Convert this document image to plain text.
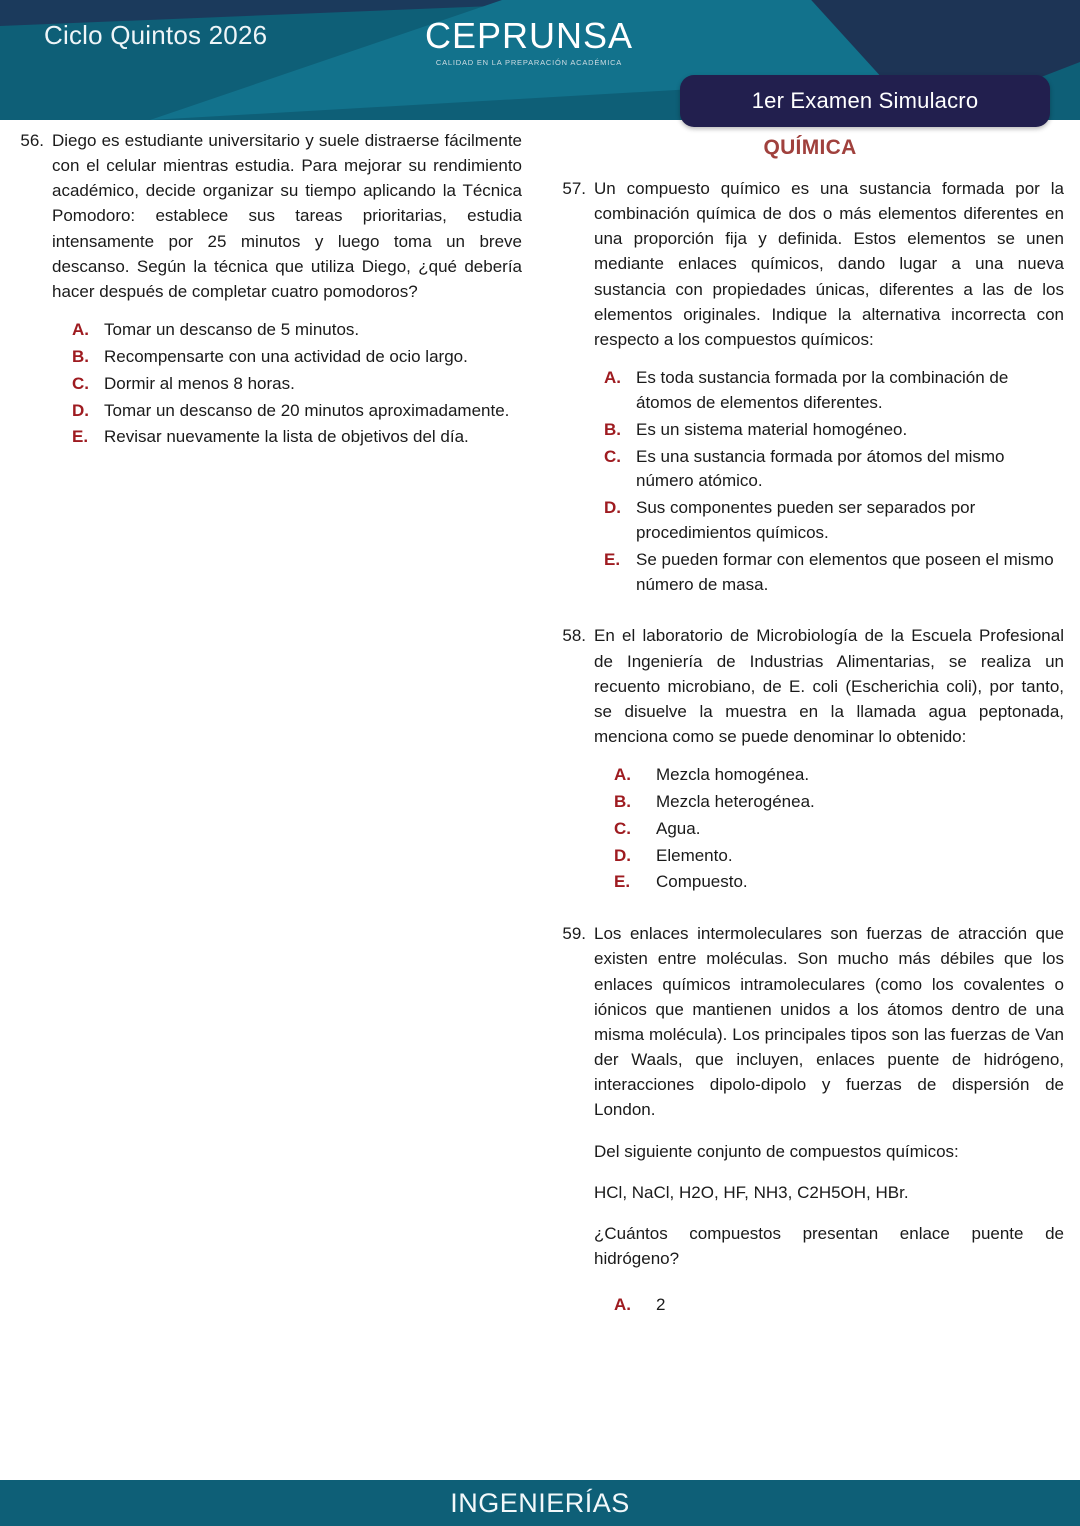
Ciclo Quintos 2026	CEPRUNSA
CALIDAD EN LA PREPARACIÓN ACADÉMICA
1er Examen Simulacro
56. Diego es estudiante universitario y suele distraerse fácilmente con el celular mientras estudia. Para mejorar su rendimiento académico, decide organizar su tiempo aplicando la Técnica Pomodoro: establece sus tareas prioritarias, estudia intensamente por 25 minutos y luego toma un breve descanso. Según la técnica que utiliza Diego, ¿qué debería hacer después de completar cuatro pomodoros?
A. Tomar un descanso de 5 minutos.
B. Recompensarte con una actividad de ocio largo.
C. Dormir al menos 8 horas.
D. Tomar un descanso de 20 minutos aproximadamente.
E. Revisar nuevamente la lista de objetivos del día.
QUÍMICA
57. Un compuesto químico es una sustancia formada por la combinación química de dos o más elementos diferentes en una proporción fija y definida. Estos elementos se unen mediante enlaces químicos, dando lugar a una nueva sustancia con propiedades únicas, diferentes a las de los elementos originales. Indique la alternativa incorrecta con respecto a los compuestos químicos:
A. Es toda sustancia formada por la combinación de átomos de elementos diferentes.
B. Es un sistema material homogéneo.
C. Es una sustancia formada por átomos del mismo número atómico.
D. Sus componentes pueden ser separados por procedimientos químicos.
E. Se pueden formar con elementos que poseen el mismo número de masa.
58. En el laboratorio de Microbiología de la Escuela Profesional de Ingeniería de Industrias Alimentarias, se realiza un recuento microbiano, de E. coli (Escherichia coli), por tanto, se disuelve la muestra en la llamada agua peptonada, menciona como se puede denominar lo obtenido:
A.	Mezcla homogénea.
B.	Mezcla heterogénea.
C.	Agua.
D.	Elemento.
E.	Compuesto.
59. Los enlaces intermoleculares son fuerzas de atracción que existen entre moléculas. Son mucho más débiles que los enlaces químicos intramoleculares (como los covalentes o iónicos que mantienen unidos a los átomos dentro de una misma molécula). Los principales tipos son las fuerzas de Van der Waals, que incluyen, enlaces puente de hidrógeno, interacciones dipolo-dipolo y fuerzas de dispersión de London.
Del siguiente conjunto de compuestos químicos:
HCl, NaCl, H2O, HF, NH3, C2H5OH, HBr.
¿Cuántos compuestos presentan enlace puente de hidrógeno?
A.	2
INGENIERÍAS
